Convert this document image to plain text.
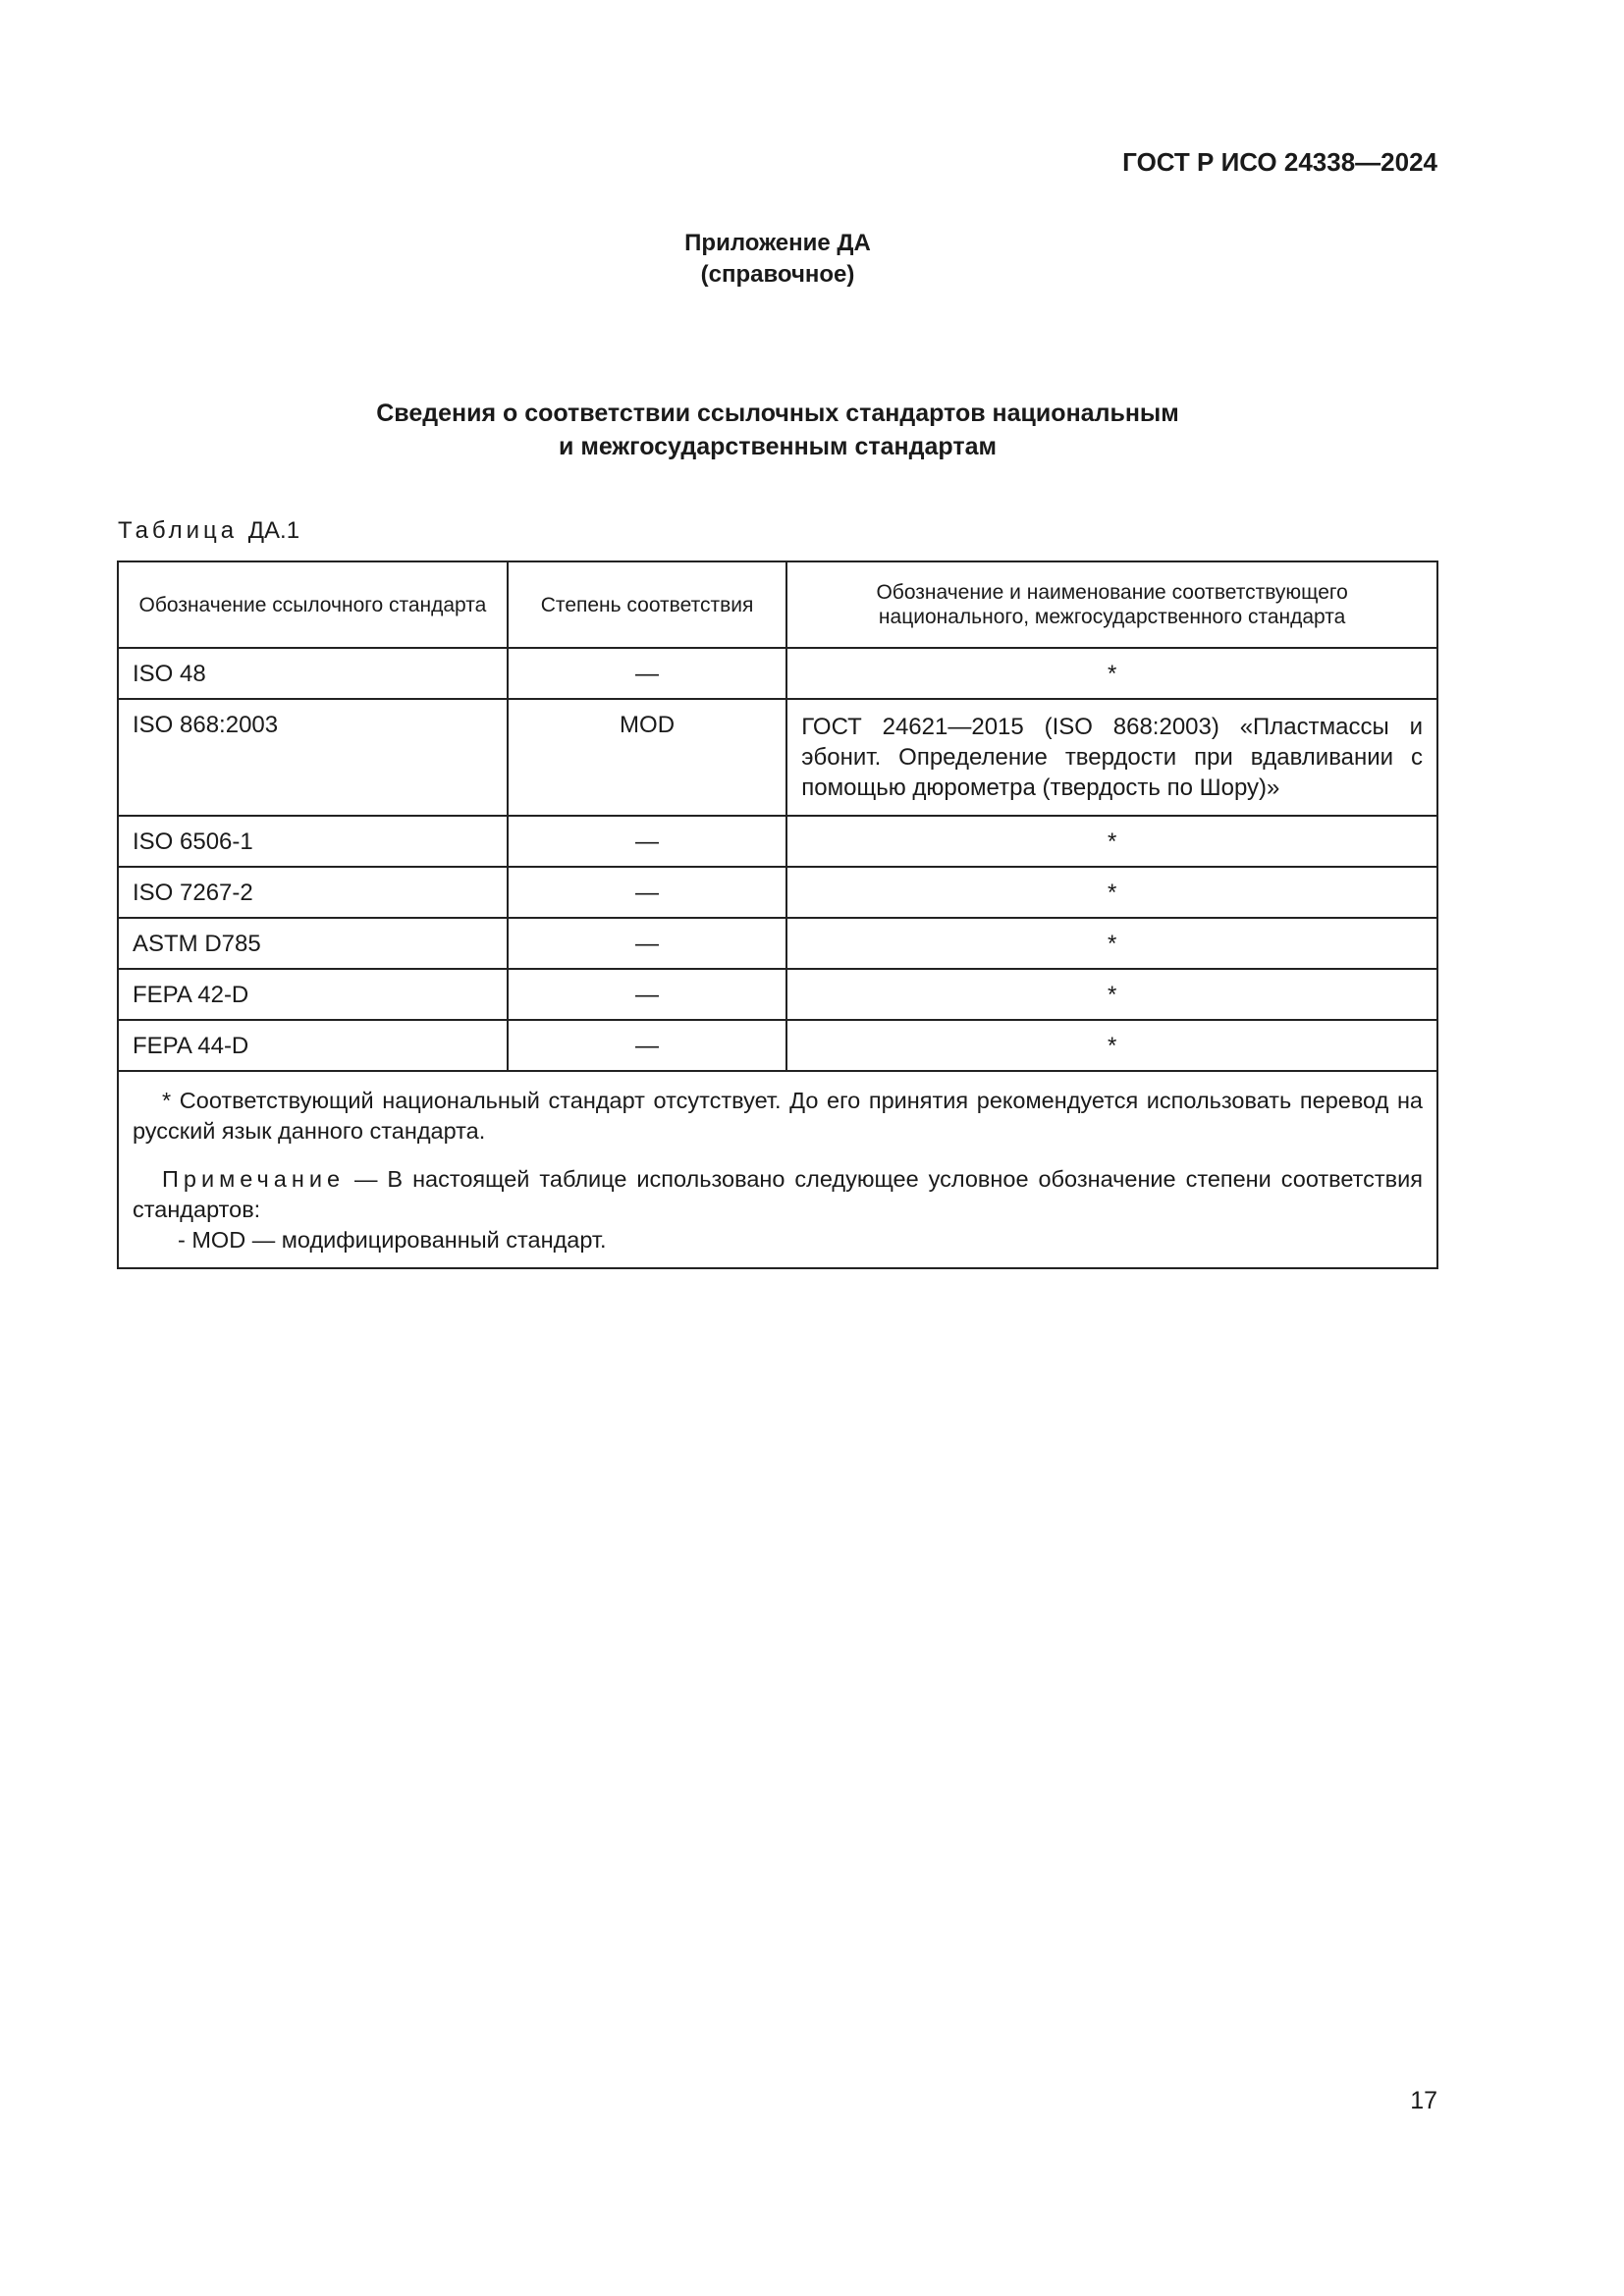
ГОСТ Р ИСО 24338—2024
Приложение ДА
(справочное)
Сведения о соответствии ссылочных стандартов национальным
и межгосударственным стандартам
Таблица ДА.1
Обозначение ссылочного стандарта	Степень соответствия	Обозначение и наименование соответствующего национального, межгосударственного стандарта
ISO 48	—	*
ISO 868:2003	MOD	ГОСТ 24621—2015 (ISO 868:2003) «Пластмассы и эбонит. Определение твердости при вдавливании с помощью дюрометра (твердость по Шору)»
ISO 6506-1	—	*
ISO 7267-2	—	*
ASTM D785	—	*
FEPA 42-D	—	*
FEPA 44-D	—	*

* Соответствующий национальный стандарт отсутствует. До его принятия рекомендуется использовать перевод на русский язык данного стандарта.

Примечание — В настоящей таблице использовано следующее условное обозначение степени соответствия стандартов:

- MOD — модифицированный стандарт.		

17
